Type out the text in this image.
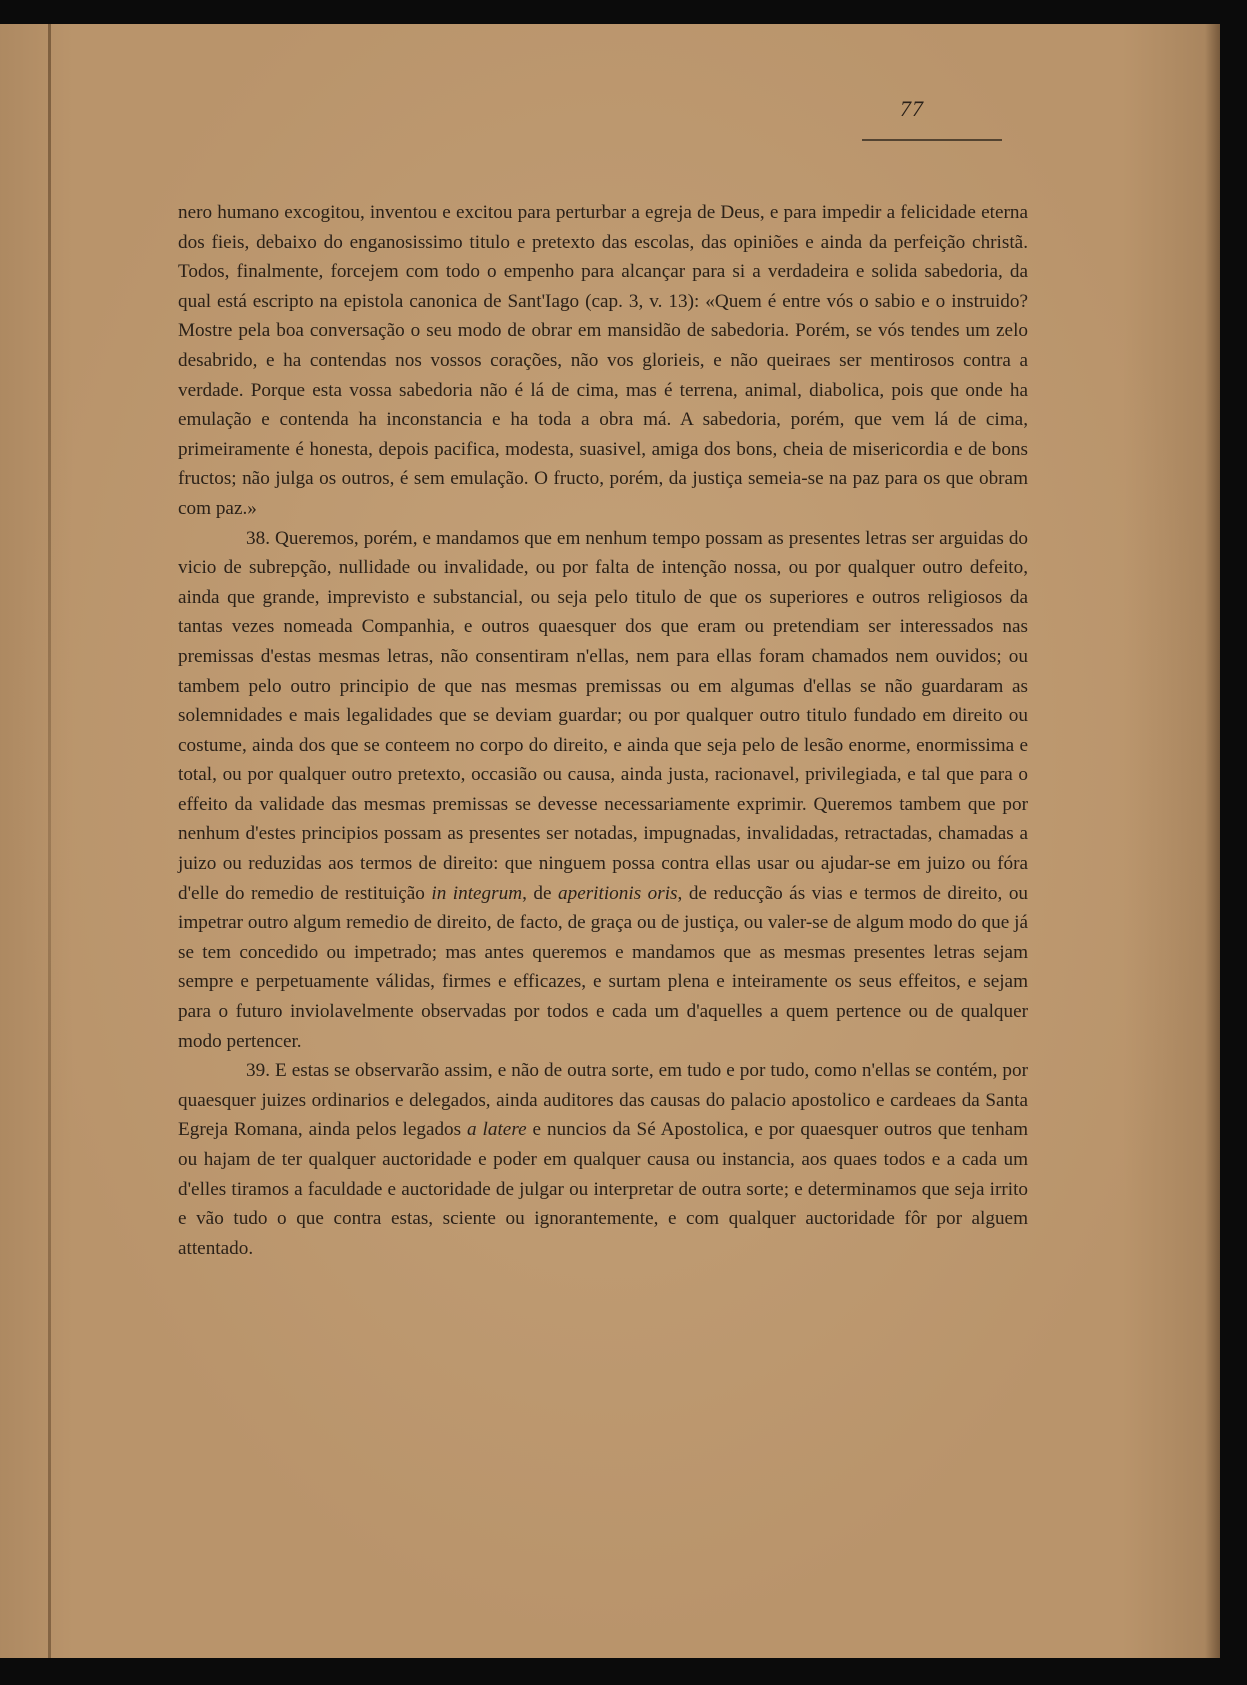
77

nero humano excogitou, inventou e excitou para perturbar a egreja de Deus, e para impedir a felicidade eterna dos fieis, debaixo do enganosissimo titulo e pretexto das escolas, das opiniões e ainda da perfeição christã. Todos, finalmente, forcejem com todo o empenho para alcançar para si a verdadeira e solida sabedoria, da qual está escripto na epistola canonica de Sant'Iago (cap. 3, v. 13): «Quem é entre vós o sabio e o instruido? Mostre pela boa conversação o seu modo de obrar em mansidão de sabedoria. Porém, se vós tendes um zelo desabrido, e ha contendas nos vossos corações, não vos glorieis, e não queiraes ser mentirosos contra a verdade. Porque esta vossa sabedoria não é lá de cima, mas é terrena, animal, diabolica, pois que onde ha emulação e contenda ha inconstancia e ha toda a obra má. A sabedoria, porém, que vem lá de cima, primeiramente é honesta, depois pacifica, modesta, suasivel, amiga dos bons, cheia de misericordia e de bons fructos; não julga os outros, é sem emulação. O fructo, porém, da justiça semeia-se na paz para os que obram com paz.»

38. Queremos, porém, e mandamos que em nenhum tempo possam as presentes letras ser arguidas do vicio de subrepção, nullidade ou invalidade, ou por falta de intenção nossa, ou por qualquer outro defeito, ainda que grande, imprevisto e substancial, ou seja pelo titulo de que os superiores e outros religiosos da tantas vezes nomeada Companhia, e outros quaesquer dos que eram ou pretendiam ser interessados nas premissas d'estas mesmas letras, não consentiram n'ellas, nem para ellas foram chamados nem ouvidos; ou tambem pelo outro principio de que nas mesmas premissas ou em algumas d'ellas se não guardaram as solemnidades e mais legalidades que se deviam guardar; ou por qualquer outro titulo fundado em direito ou costume, ainda dos que se conteem no corpo do direito, e ainda que seja pelo de lesão enorme, enormissima e total, ou por qualquer outro pretexto, occasião ou causa, ainda justa, racionavel, privilegiada, e tal que para o effeito da validade das mesmas premissas se devesse necessariamente exprimir. Queremos tambem que por nenhum d'estes principios possam as presentes ser notadas, impugnadas, invalidadas, retractadas, chamadas a juizo ou reduzidas aos termos de direito: que ninguem possa contra ellas usar ou ajudar-se em juizo ou fóra d'elle do remedio de restituição in integrum, de aperitionis oris, de reducção ás vias e termos de direito, ou impetrar outro algum remedio de direito, de facto, de graça ou de justiça, ou valer-se de algum modo do que já se tem concedido ou impetrado; mas antes queremos e mandamos que as mesmas presentes letras sejam sempre e perpetuamente válidas, firmes e efficazes, e surtam plena e inteiramente os seus effeitos, e sejam para o futuro inviolavelmente observadas por todos e cada um d'aquelles a quem pertence ou de qualquer modo pertencer.

39. E estas se observarão assim, e não de outra sorte, em tudo e por tudo, como n'ellas se contém, por quaesquer juizes ordinarios e delegados, ainda auditores das causas do palacio apostolico e cardeaes da Santa Egreja Romana, ainda pelos legados a latere e nuncios da Sé Apostolica, e por quaesquer outros que tenham ou hajam de ter qualquer auctoridade e poder em qualquer causa ou instancia, aos quaes todos e a cada um d'elles tiramos a faculdade e auctoridade de julgar ou interpretar de outra sorte; e determinamos que seja irrito e vão tudo o que contra estas, sciente ou ignorantemente, e com qualquer auctoridade fôr por alguem attentado.
